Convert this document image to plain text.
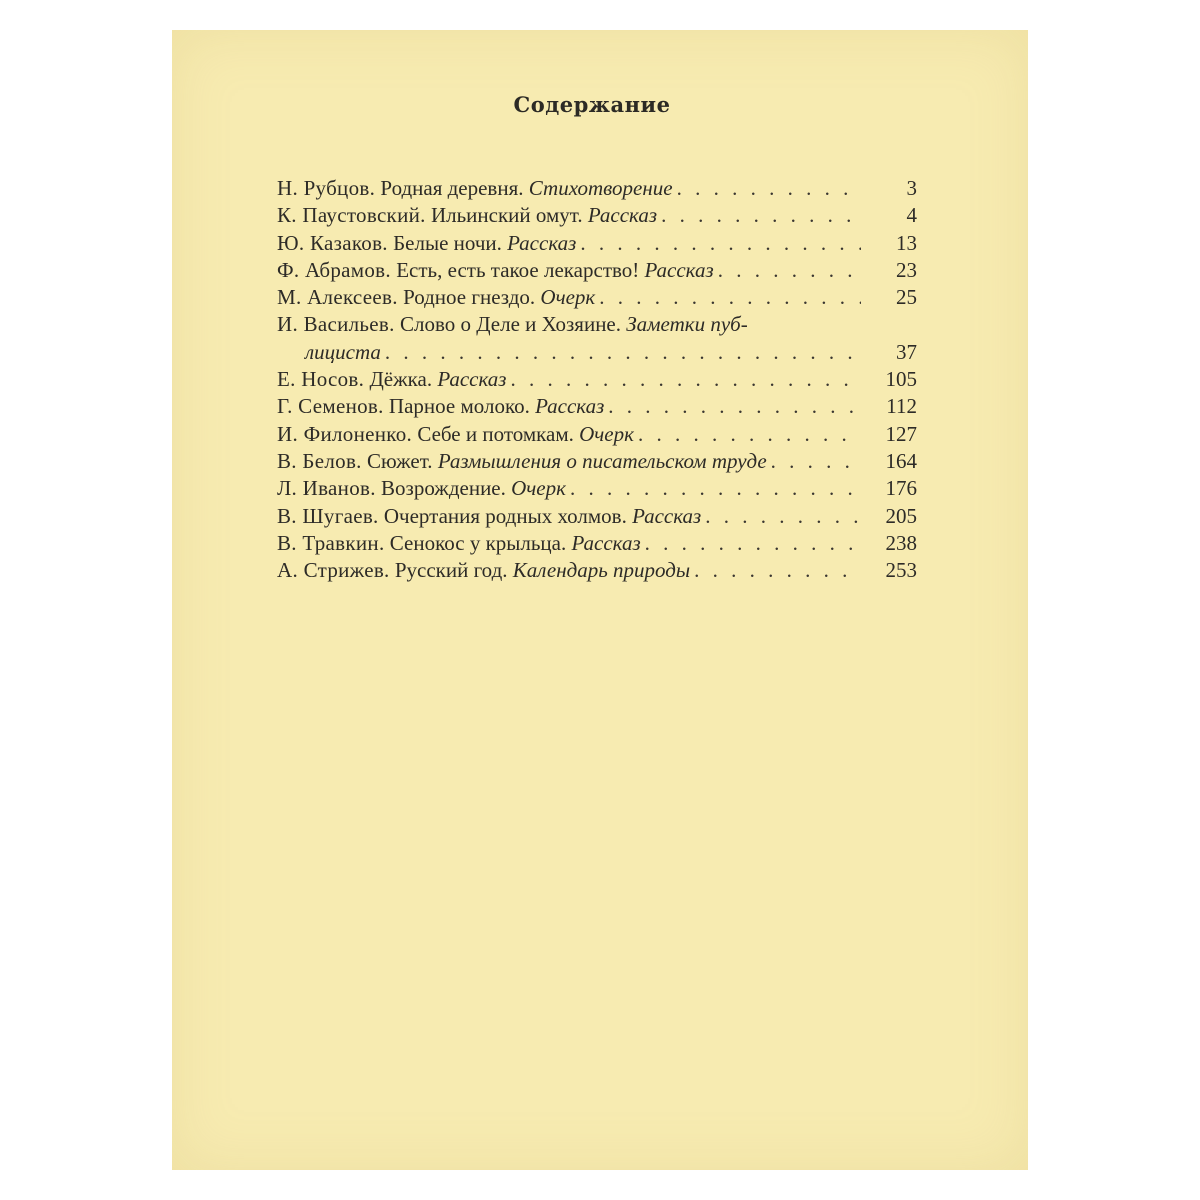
Содержание
Н. Рубцов. Родная деревня. Стихотворение . . .	3
К. Паустовский. Ильинский омут. Рассказ . . .	4
Ю. Казаков. Белые ночи. Рассказ . . .	13
Ф. Абрамов. Есть, есть такое лекарство! Рассказ . . .	23
М. Алексеев. Родное гнездо. Очерк . . .	25
И. Васильев. Слово о Деле и Хозяине. Заметки пуб-
лициста . . .	37
Е. Носов. Дёжка. Рассказ . . .	105
Г. Семенов. Парное молоко. Рассказ . . .	112
И. Филоненко. Себе и потомкам. Очерк . . .	127
В. Белов. Сюжет. Размышления о писательском труде . . .	164
Л. Иванов. Возрождение. Очерк . . .	176
В. Шугаев. Очертания родных холмов. Рассказ . . .	205
В. Травкин. Сенокос у крыльца. Рассказ . . .	238
А. Стрижев. Русский год. Календарь природы . . .	253
